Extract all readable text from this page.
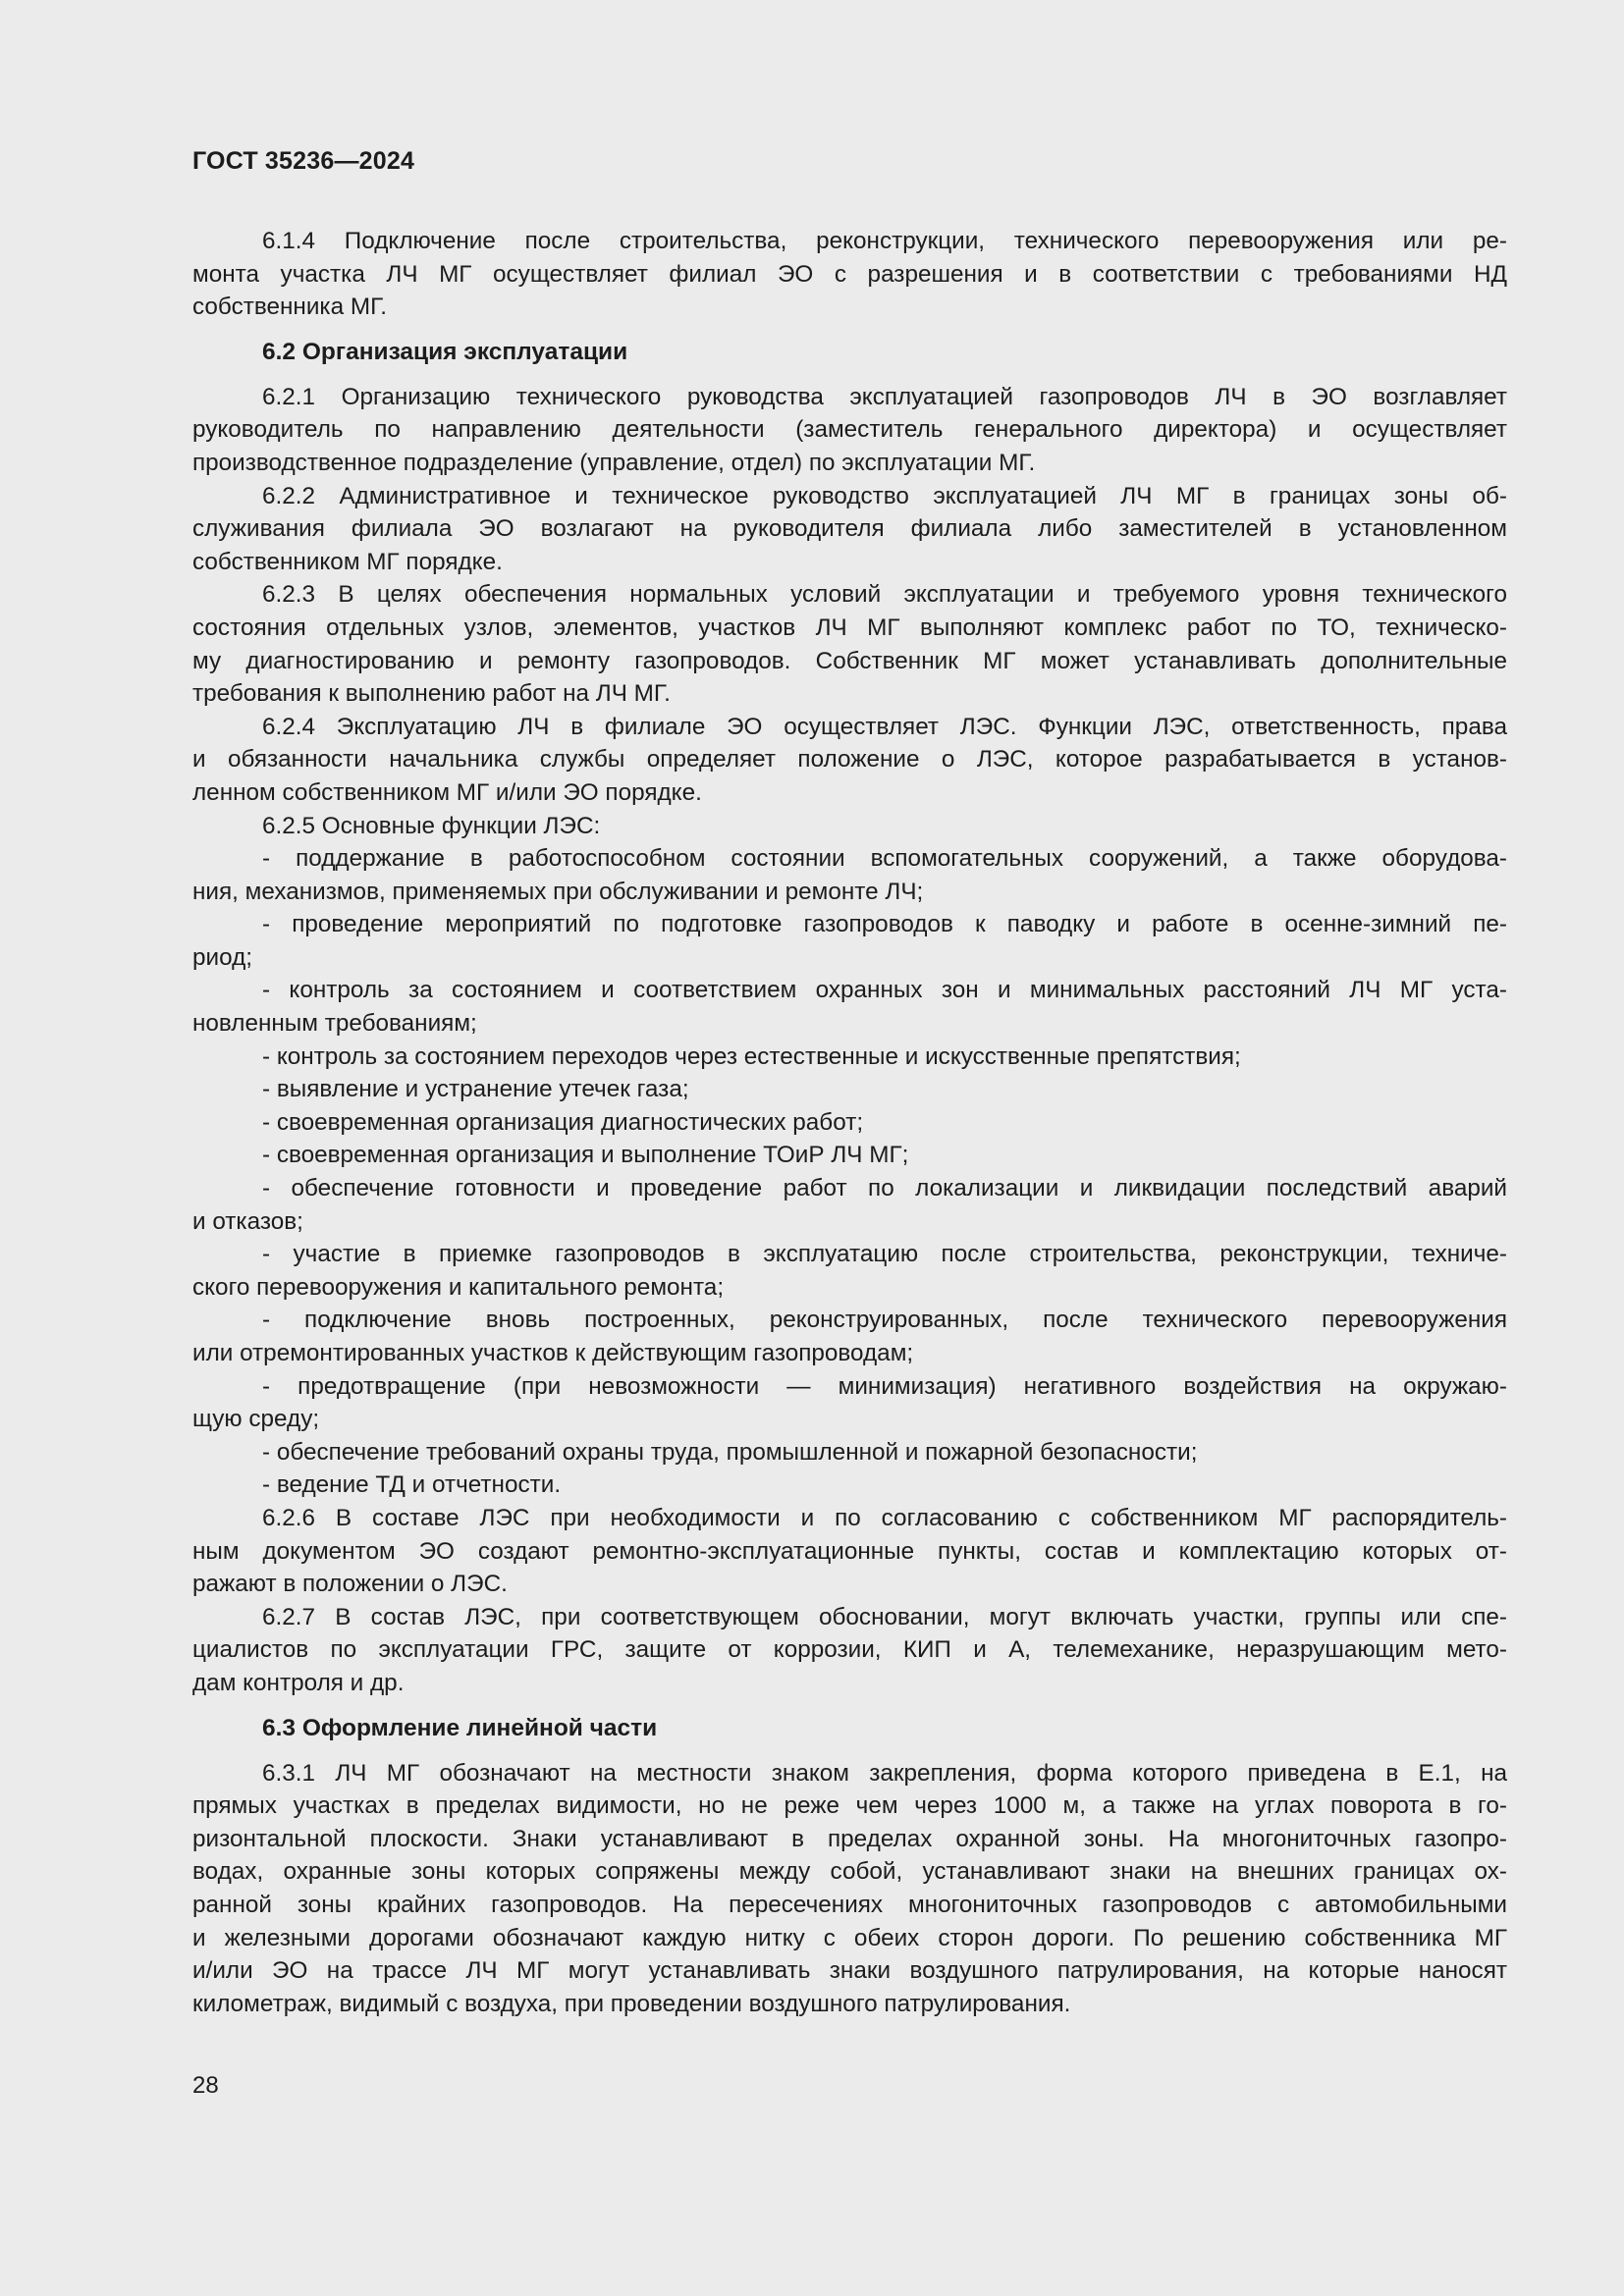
ГОСТ 35236—2024
6.1.4 Подключение после строительства, реконструкции, технического перевооружения или ре-
монта участка ЛЧ МГ осуществляет филиал ЭО с разрешения и в соответствии с требованиями НД
собственника МГ.
6.2 Организация эксплуатации
6.2.1 Организацию технического руководства эксплуатацией газопроводов ЛЧ в ЭО возглавляет
руководитель по направлению деятельности (заместитель генерального директора) и осуществляет
производственное подразделение (управление, отдел) по эксплуатации МГ.
6.2.2 Административное и техническое руководство эксплуатацией ЛЧ МГ в границах зоны об-
служивания филиала ЭО возлагают на руководителя филиала либо заместителей в установленном
собственником МГ порядке.
6.2.3 В целях обеспечения нормальных условий эксплуатации и требуемого уровня технического
состояния отдельных узлов, элементов, участков ЛЧ МГ выполняют комплекс работ по ТО, техническо-
му диагностированию и ремонту газопроводов. Собственник МГ может устанавливать дополнительные
требования к выполнению работ на ЛЧ МГ.
6.2.4 Эксплуатацию ЛЧ в филиале ЭО осуществляет ЛЭС. Функции ЛЭС, ответственность, права
и обязанности начальника службы определяет положение о ЛЭС, которое разрабатывается в установ-
ленном собственником МГ и/или ЭО порядке.
6.2.5 Основные функции ЛЭС:
- поддержание в работоспособном состоянии вспомогательных сооружений, а также оборудова-
ния, механизмов, применяемых при обслуживании и ремонте ЛЧ;
- проведение мероприятий по подготовке газопроводов к паводку и работе в осенне-зимний пе-
риод;
- контроль за состоянием и соответствием охранных зон и минимальных расстояний ЛЧ МГ уста-
новленным требованиям;
- контроль за состоянием переходов через естественные и искусственные препятствия;
- выявление и устранение утечек газа;
- своевременная организация диагностических работ;
- своевременная организация и выполнение ТОиР ЛЧ МГ;
- обеспечение готовности и проведение работ по локализации и ликвидации последствий аварий
и отказов;
- участие в приемке газопроводов в эксплуатацию после строительства, реконструкции, техниче-
ского перевооружения и капитального ремонта;
- подключение вновь построенных, реконструированных, после технического перевооружения
или отремонтированных участков к действующим газопроводам;
- предотвращение (при невозможности — минимизация) негативного воздействия на окружаю-
щую среду;
- обеспечение требований охраны труда, промышленной и пожарной безопасности;
- ведение ТД и отчетности.
6.2.6 В составе ЛЭС при необходимости и по согласованию с собственником МГ распорядитель-
ным документом ЭО создают ремонтно-эксплуатационные пункты, состав и комплектацию которых от-
ражают в положении о ЛЭС.
6.2.7 В состав ЛЭС, при соответствующем обосновании, могут включать участки, группы или спе-
циалистов по эксплуатации ГРС, защите от коррозии, КИП и А, телемеханике, неразрушающим мето-
дам контроля и др.
6.3 Оформление линейной части
6.3.1 ЛЧ МГ обозначают на местности знаком закрепления, форма которого приведена в Е.1, на
прямых участках в пределах видимости, но не реже чем через 1000 м, а также на углах поворота в го-
ризонтальной плоскости. Знаки устанавливают в пределах охранной зоны. На многониточных газопро-
водах, охранные зоны которых сопряжены между собой, устанавливают знаки на внешних границах ох-
ранной зоны крайних газопроводов. На пересечениях многониточных газопроводов с автомобильными
и железными дорогами обозначают каждую нитку с обеих сторон дороги. По решению собственника МГ
и/или ЭО на трассе ЛЧ МГ могут устанавливать знаки воздушного патрулирования, на которые наносят
километраж, видимый с воздуха, при проведении воздушного патрулирования.
28
